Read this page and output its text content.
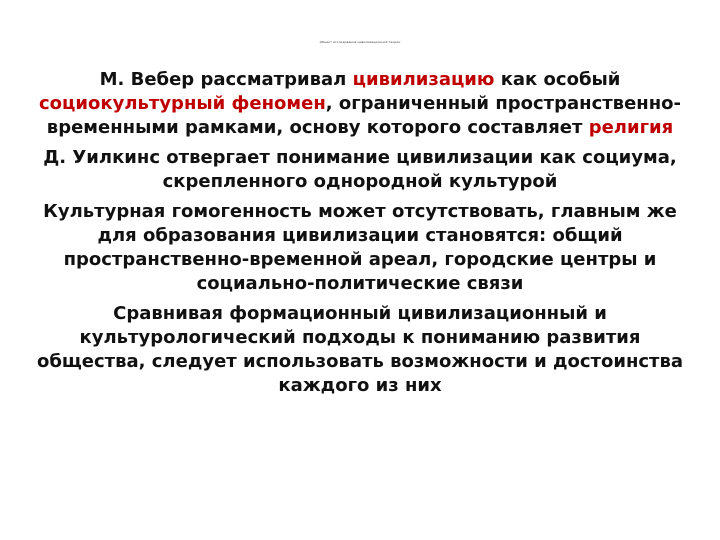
Объект исследования цивилизационной теории

М. Вебер рассматривал цивилизацию как особый социокультурный феномен, ограниченный пространственно-временными рамками, основу которого составляет религия

Д. Уилкинс отвергает понимание цивилизации как социума, скрепленного однородной культурой

Культурная гомогенность может отсутствовать, главным же для образования цивилизации становятся: общий пространственно-временной ареал, городские центры и социально-политические связи

Сравнивая формационный цивилизационный и культурологический подходы к пониманию развития общества, следует использовать возможности и достоинства каждого из них
